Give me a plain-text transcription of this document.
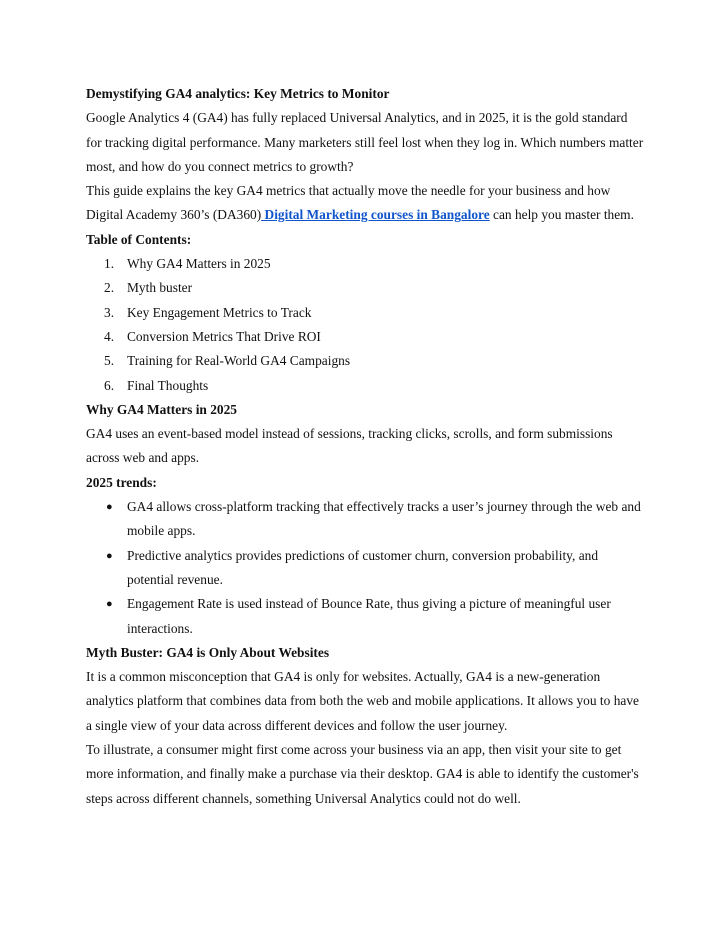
Demystifying GA4 analytics: Key Metrics to Monitor

Google Analytics 4 (GA4) has fully replaced Universal Analytics, and in 2025, it is the gold standard for tracking digital performance. Many marketers still feel lost when they log in. Which numbers matter most, and how do you connect metrics to growth?

This guide explains the key GA4 metrics that actually move the needle for your business and how Digital Academy 360’s (DA360) Digital Marketing courses in Bangalore can help you master them.

Table of Contents:

1. Why GA4 Matters in 2025
2. Myth buster
3. Key Engagement Metrics to Track
4. Conversion Metrics That Drive ROI
5. Training for Real-World GA4 Campaigns
6. Final Thoughts

Why GA4 Matters in 2025

GA4 uses an event-based model instead of sessions, tracking clicks, scrolls, and form submissions across web and apps.

2025 trends:

● GA4 allows cross-platform tracking that effectively tracks a user’s journey through the web and mobile apps.
● Predictive analytics provides predictions of customer churn, conversion probability, and potential revenue.
● Engagement Rate is used instead of Bounce Rate, thus giving a picture of meaningful user interactions.

Myth Buster: GA4 is Only About Websites

It is a common misconception that GA4 is only for websites. Actually, GA4 is a new-generation analytics platform that combines data from both the web and mobile applications. It allows you to have a single view of your data across different devices and follow the user journey.

To illustrate, a consumer might first come across your business via an app, then visit your site to get more information, and finally make a purchase via their desktop. GA4 is able to identify the customer's steps across different channels, something Universal Analytics could not do well.
